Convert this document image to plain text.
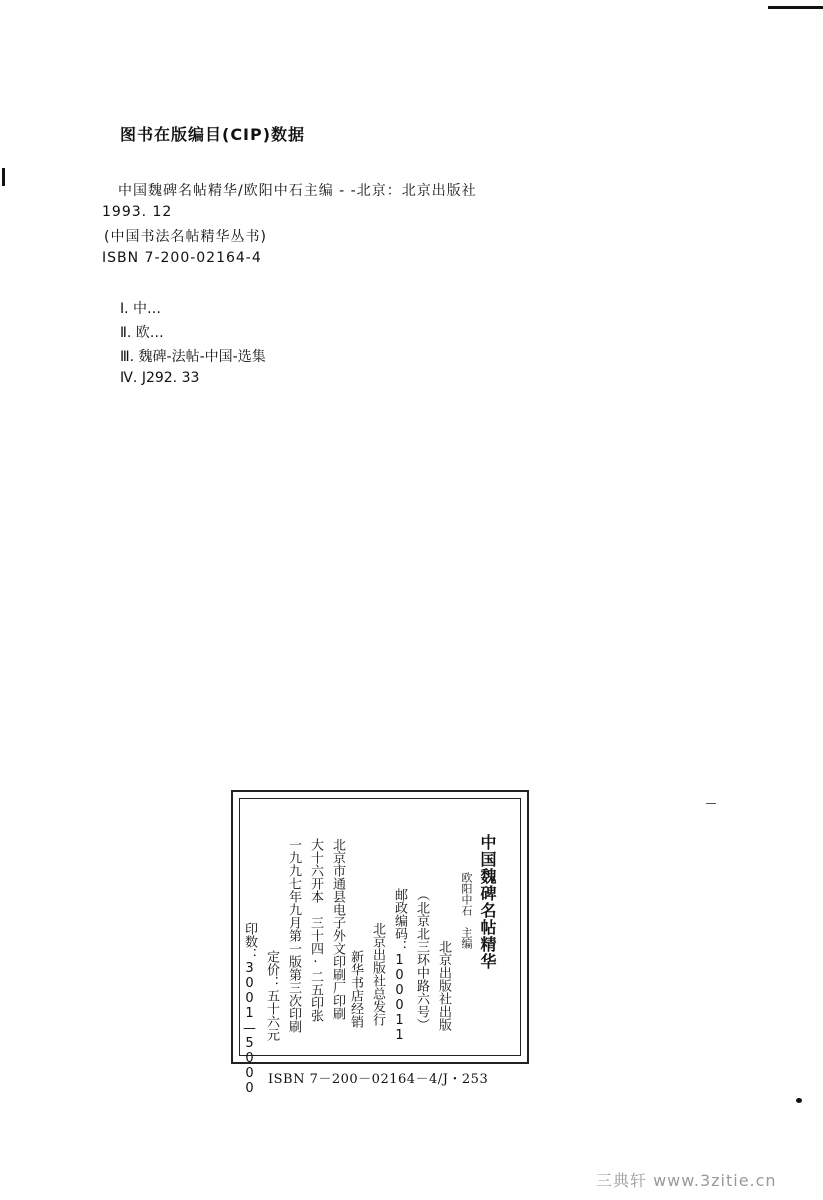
图书在版编目(CIP)数据
中国魏碑名帖精华/欧阳中石主编 - -北京：北京出版社
1993. 12
(中国书法名帖精华丛书)
ISBN 7-200-02164-4
Ⅰ. 中…
Ⅱ. 欧…
Ⅲ. 魏碑-法帖-中国-选集
Ⅳ. J292. 33
中国魏碑名帖精华
欧阳中石　主编
北京出版社出版
（北京北三环中路六号）
邮政编码：100011
北京出版社总发行
新华书店经销
北京市通县电子外文印刷厂印刷
大十六开本　三十四·二五印张
一九九七年九月第一版第三次印刷
定价：五十六元
印数：3001—5000 ISBN 7－200－02164－4/J・253
三典轩 www.3zitie.cn
